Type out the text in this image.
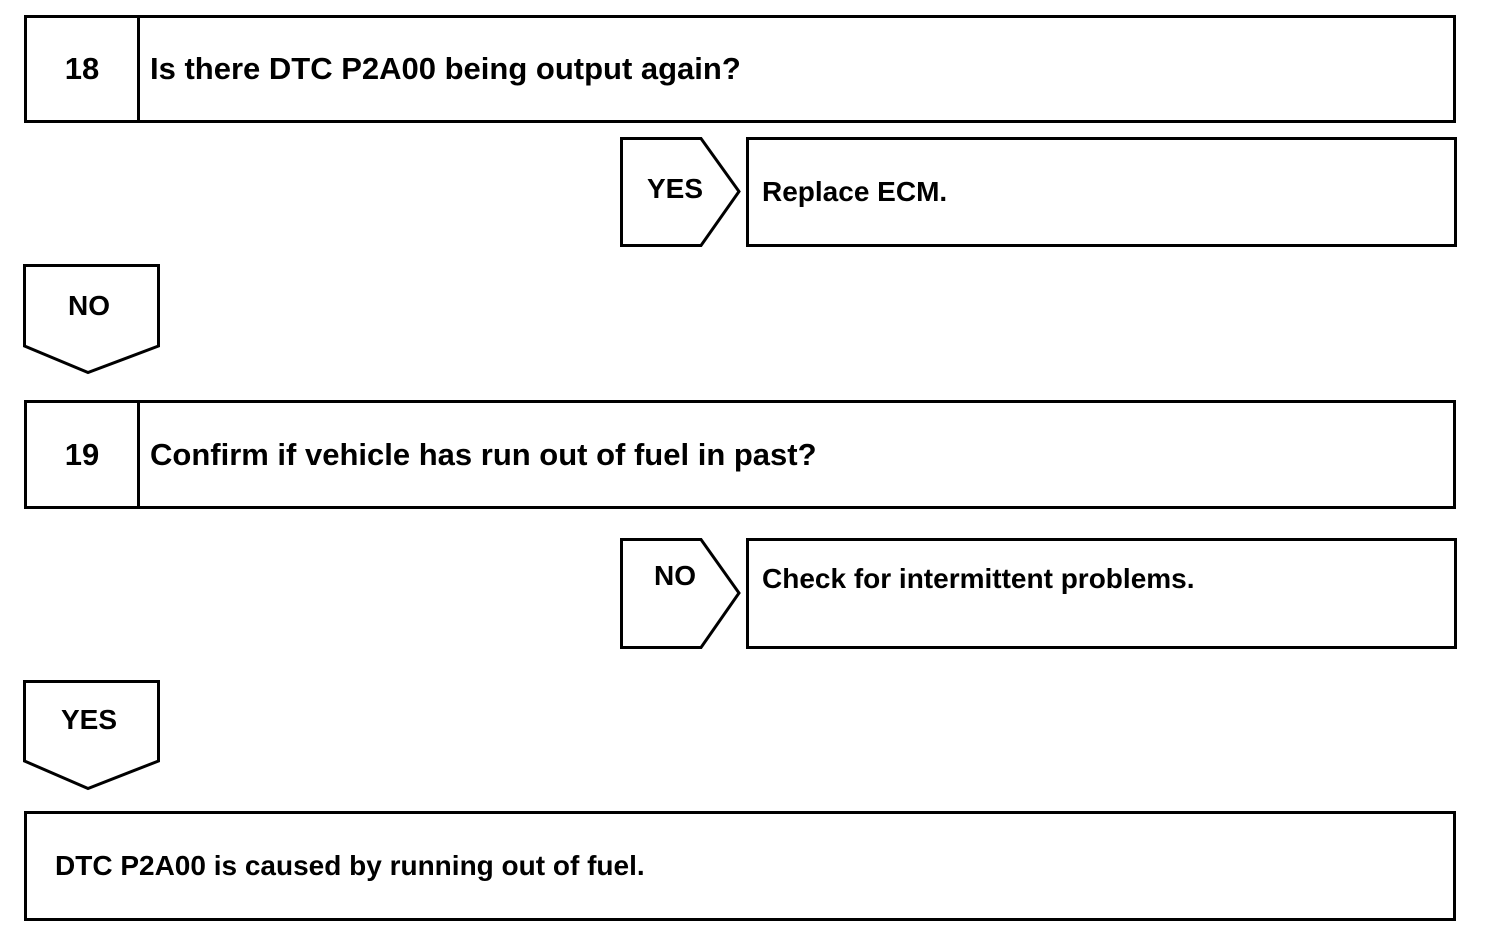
18	Is there DTC P2A00 being output again?
YES	Replace ECM.
NO
19	Confirm if vehicle has run out of fuel in past?
NO	Check for intermittent problems.
YES
DTC P2A00 is caused by running out of fuel.
